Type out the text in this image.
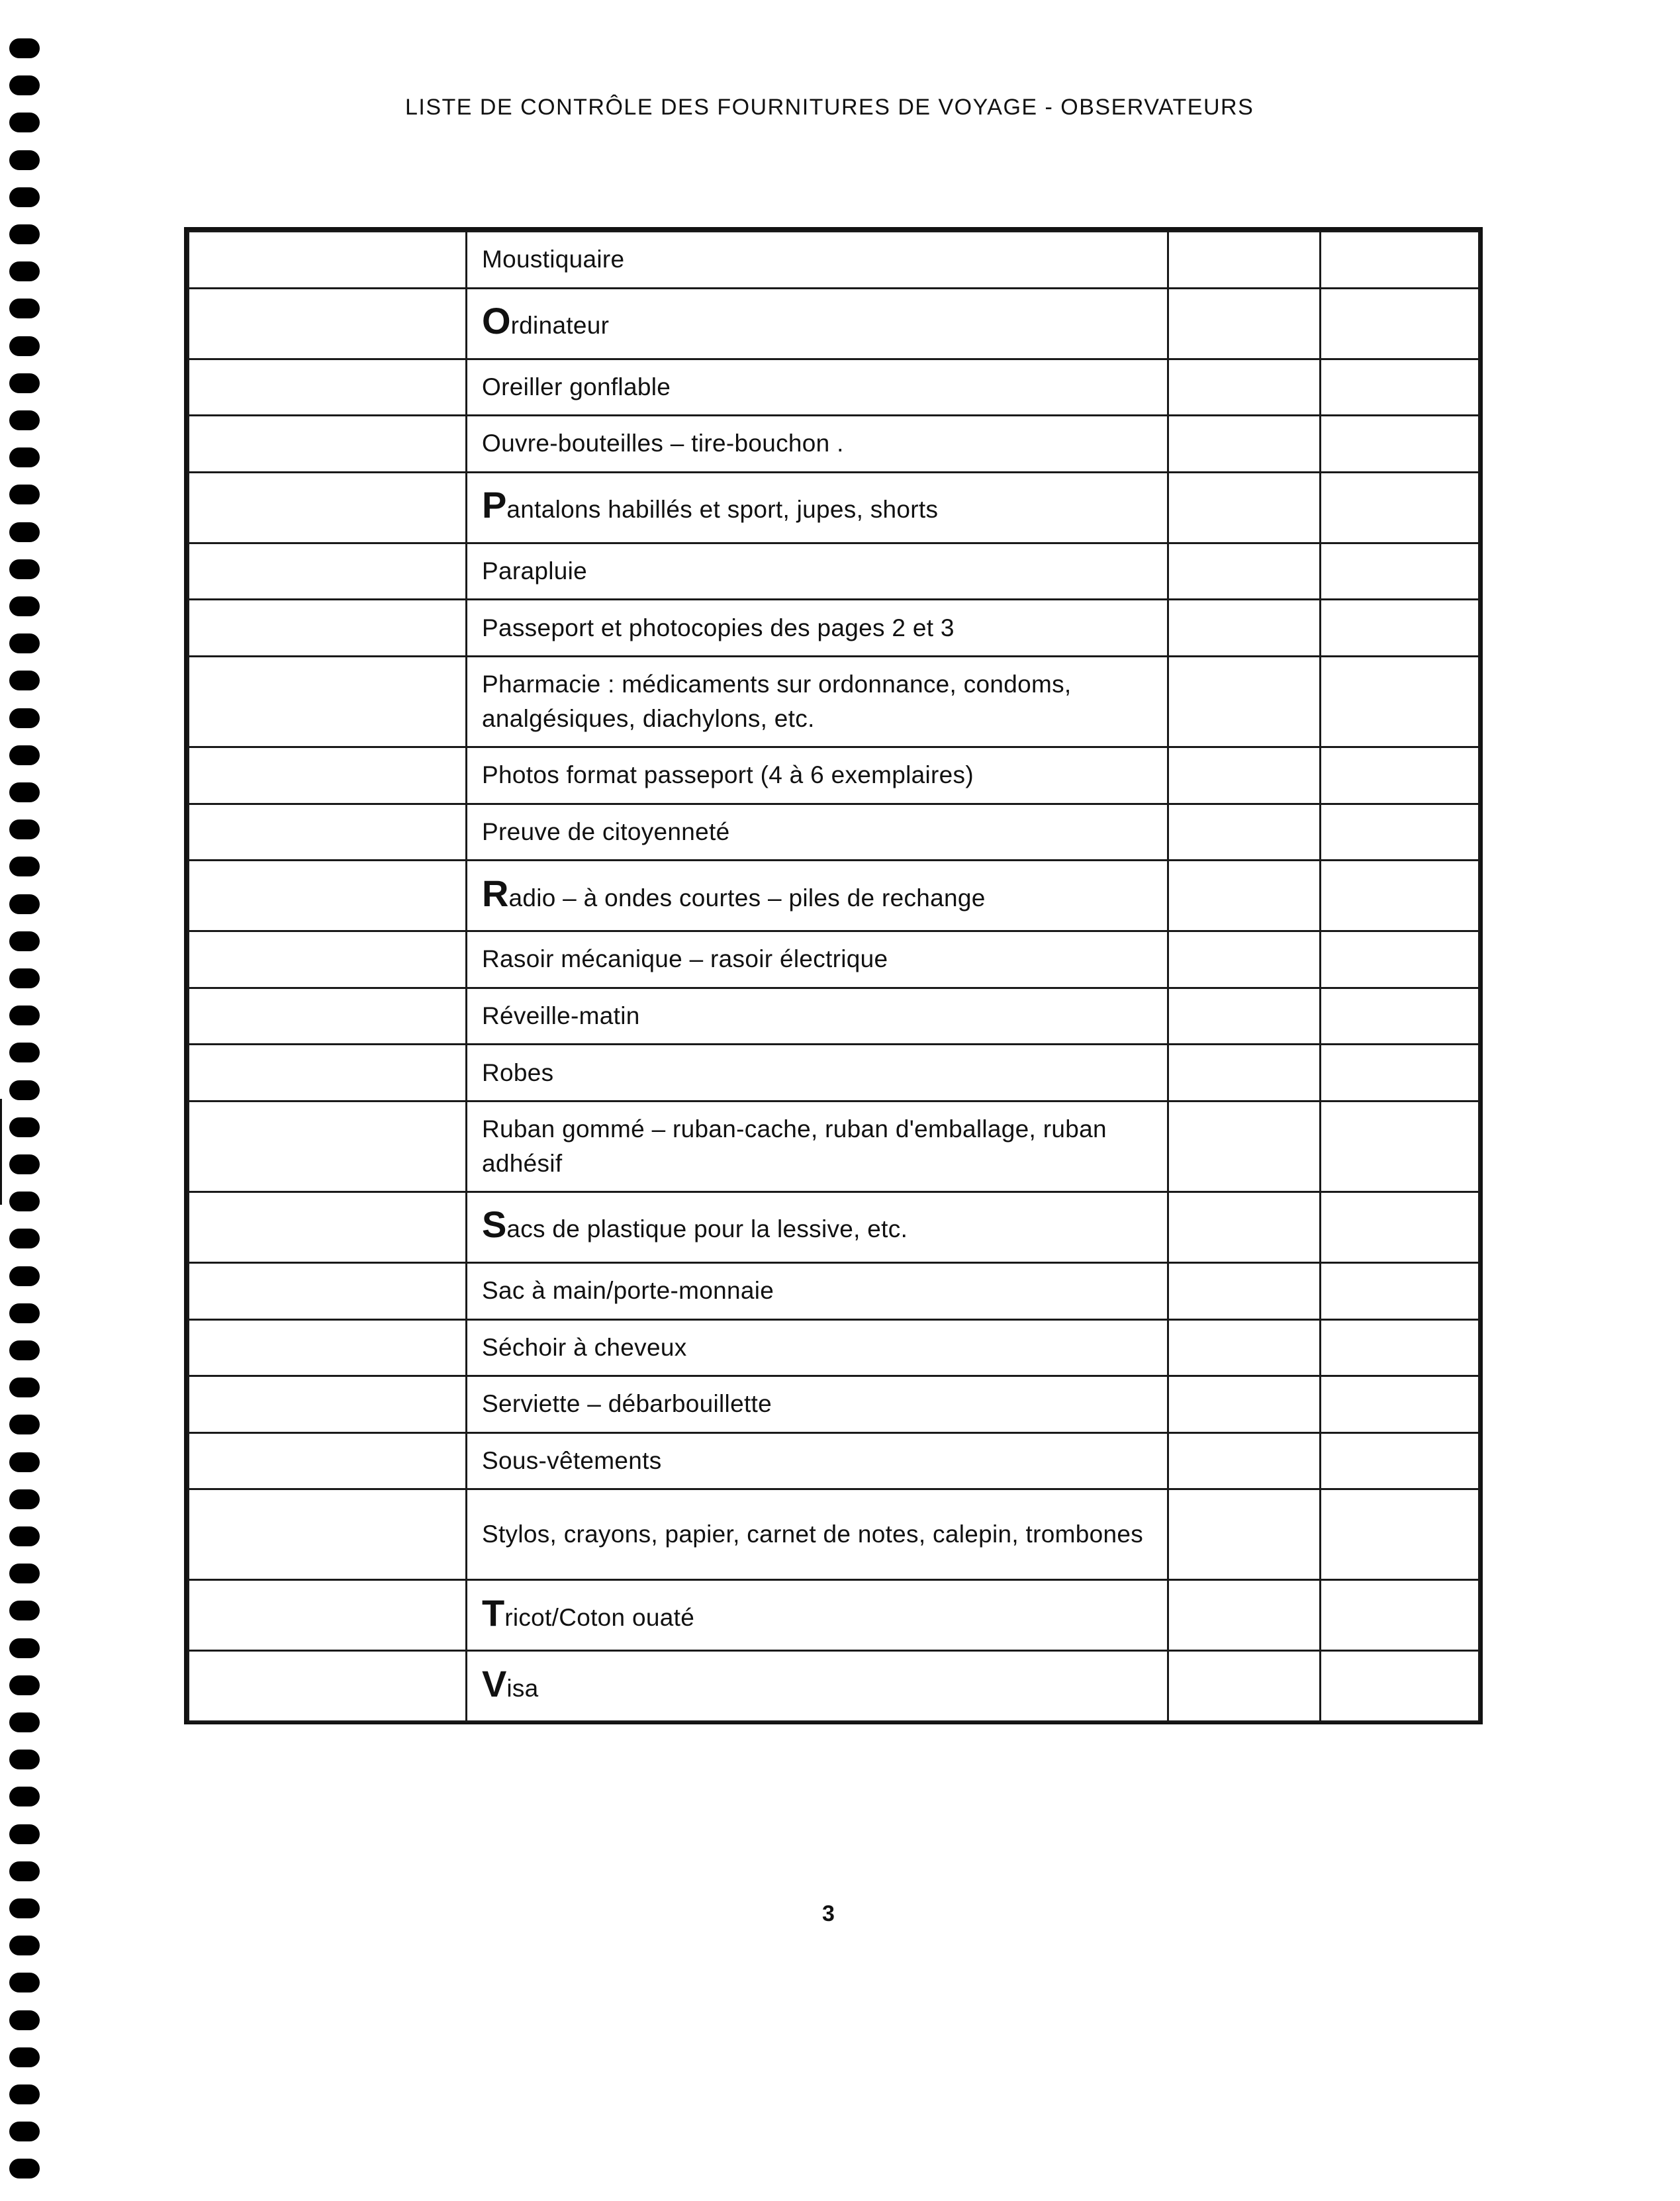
LISTE DE CONTRÔLE DES FOURNITURES DE VOYAGE - OBSERVATEURS
	Moustiquaire		
	Ordinateur		
	Oreiller gonflable		
	Ouvre-bouteilles – tire-bouchon .		
	Pantalons habillés et sport, jupes, shorts		
	Parapluie		
	Passeport et photocopies des pages 2 et 3		
	Pharmacie : médicaments sur ordonnance, condoms, analgésiques, diachylons, etc.		
	Photos format passeport (4 à 6 exemplaires)		
	Preuve de citoyenneté		
	Radio – à ondes courtes – piles de rechange		
	Rasoir mécanique – rasoir électrique		
	Réveille-matin		
	Robes		
	Ruban gommé – ruban-cache, ruban d'emballage, ruban adhésif		
	Sacs de plastique pour la lessive, etc.		
	Sac à main/porte-monnaie		
	Séchoir à cheveux		
	Serviette – débarbouillette		
	Sous-vêtements		
	Stylos, crayons, papier, carnet de notes, calepin, trombones		
	Tricot/Coton ouaté		
	Visa		
3
